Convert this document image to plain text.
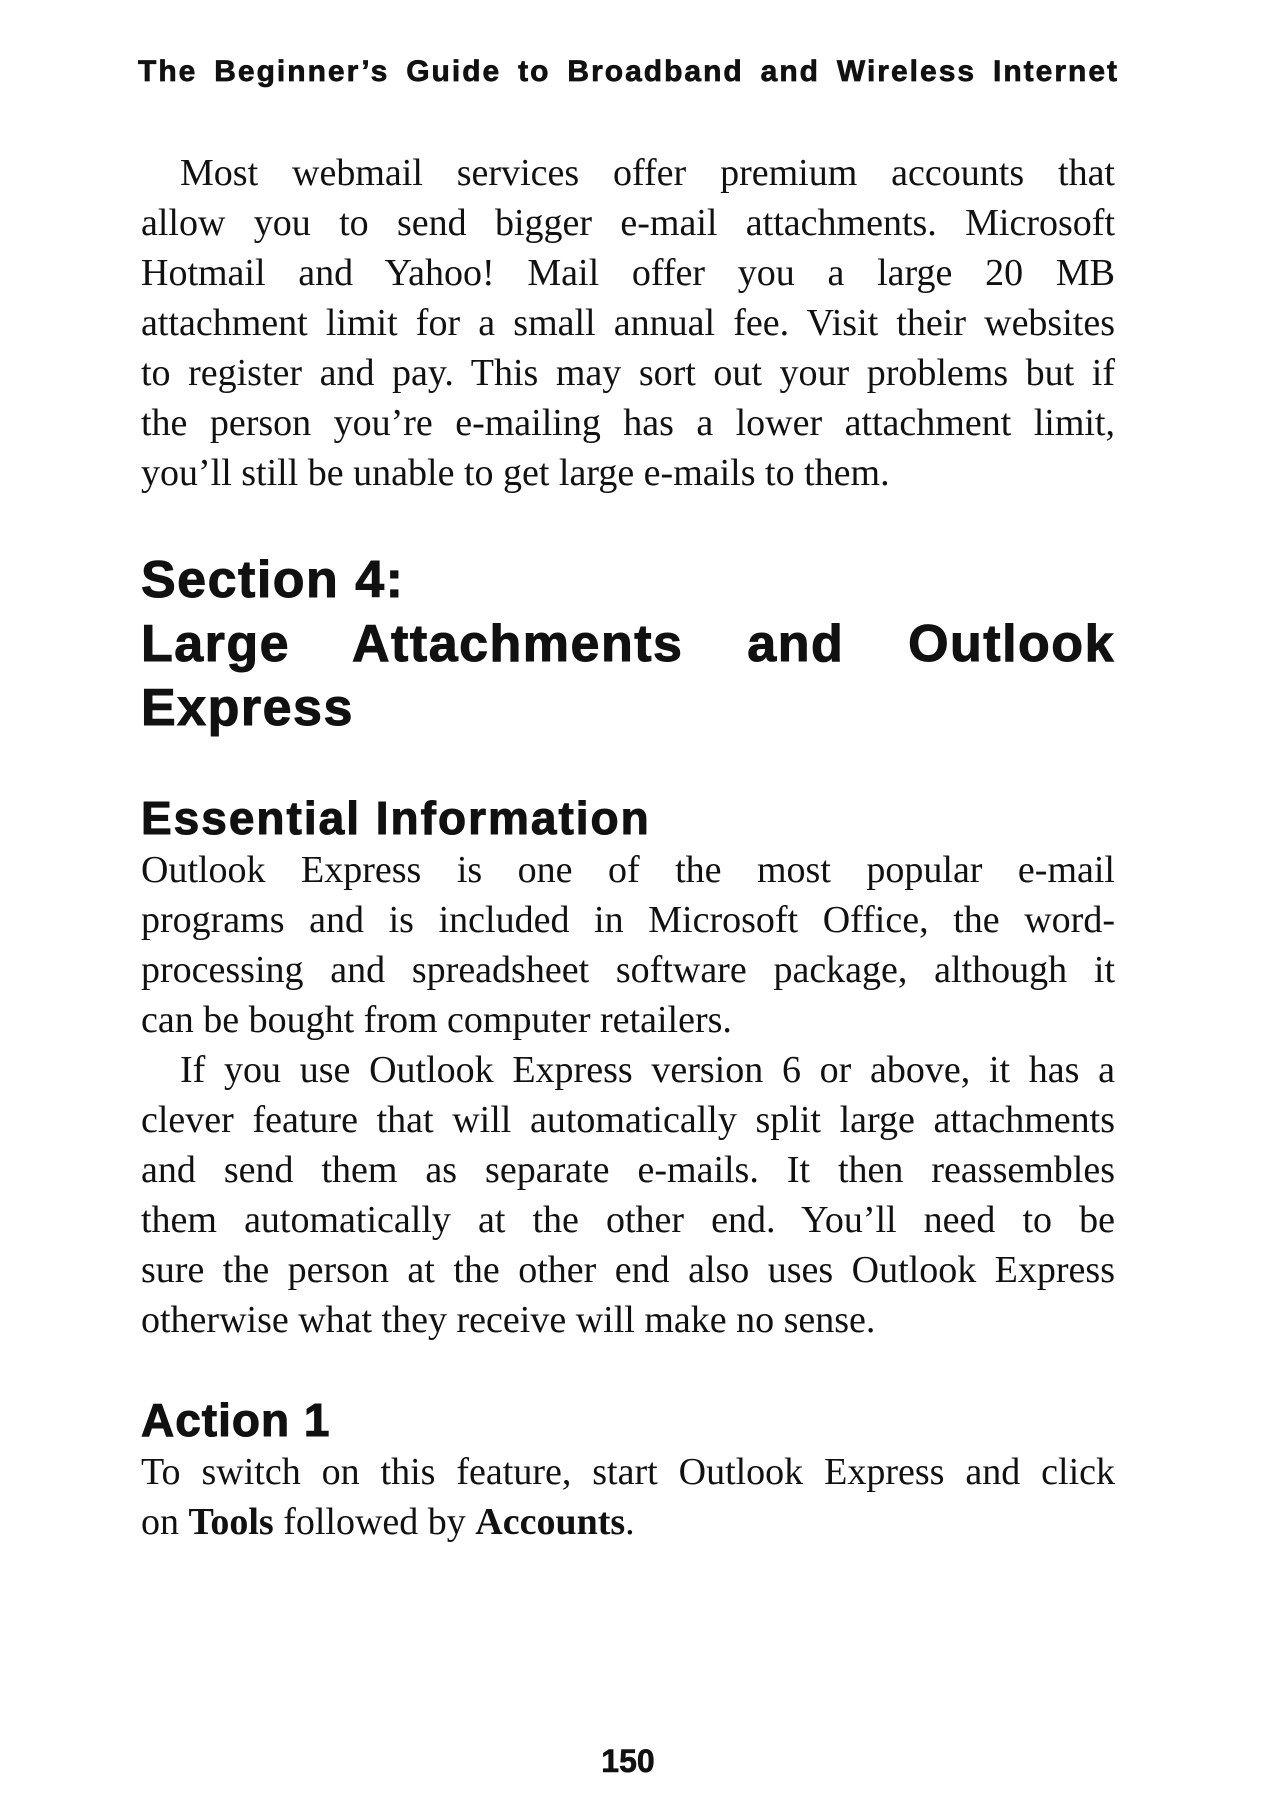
The Beginner’s Guide to Broadband and Wireless Internet
Most webmail services offer premium accounts that
allow you to send bigger e-mail attachments. Microsoft
Hotmail and Yahoo! Mail offer you a large 20 MB
attachment limit for a small annual fee. Visit their websites
to register and pay. This may sort out your problems but if
the person you’re e-mailing has a lower attachment limit,
you’ll still be unable to get large e-mails to them.
Section 4:
Large Attachments and Outlook
Express
Essential Information
Outlook Express is one of the most popular e-mail
programs and is included in Microsoft Office, the word-
processing and spreadsheet software package, although it
can be bought from computer retailers.
If you use Outlook Express version 6 or above, it has a
clever feature that will automatically split large attachments
and send them as separate e-mails. It then reassembles
them automatically at the other end. You’ll need to be
sure the person at the other end also uses Outlook Express
otherwise what they receive will make no sense.
Action 1
To switch on this feature, start Outlook Express and click
on Tools followed by Accounts.
150
